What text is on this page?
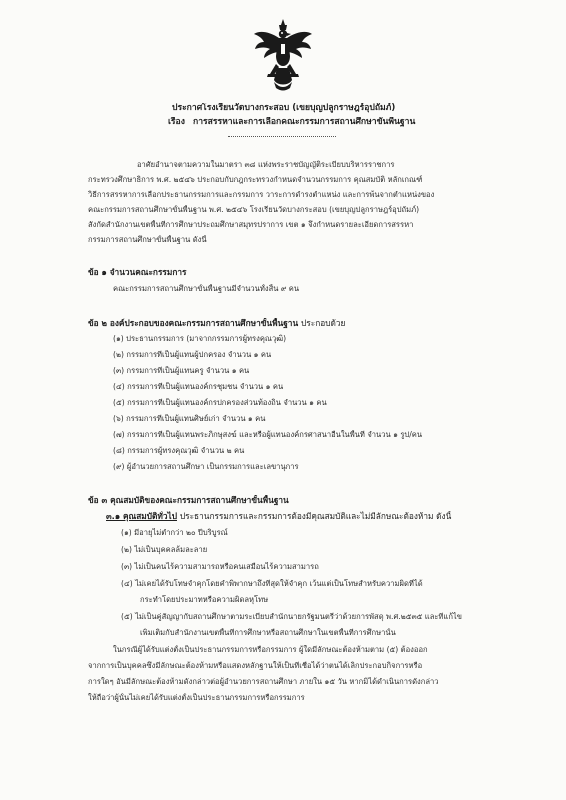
ประกาศโรงเรียนวัดบางกระสอบ (เขยบุญปลูกราษฎร์อุปถัมภ์)
เรื่อง การสรรหาและการเลือกคณะกรรมการสถานศึกษาขั้นพื้นฐาน
อาศัยอำนาจตามความในมาตรา ๓๘ แห่งพระราชบัญญัติระเบียบบริหารราชการ
กระทรวงศึกษาธิการ พ.ศ. ๒๕๔๖ ประกอบกับกฎกระทรวงกำหนดจำนวนกรรมการ คุณสมบัติ หลักเกณฑ์
วิธีการสรรหาการเลือกประธานกรรมการและกรรมการ วาระการดำรงตำแหน่ง และการพ้นจากตำแหน่งของ
คณะกรรมการสถานศึกษาขั้นพื้นฐาน พ.ศ. ๒๕๔๖ โรงเรียนวัดบางกระสอบ (เขยบุญปลูกราษฎร์อุปถัมภ์)
สังกัดสำนักงานเขตพื้นที่การศึกษาประถมศึกษาสมุทรปราการ เขต ๑ จึงกำหนดรายละเอียดการสรรหา
กรรมการสถานศึกษาขั้นพื้นฐาน ดังนี้
ข้อ ๑ จำนวนคณะกรรมการ
คณะกรรมการสถานศึกษาขั้นพื้นฐานมีจำนวนทั้งสิ้น ๙ คน
ข้อ ๒ องค์ประกอบของคณะกรรมการสถานศึกษาขั้นพื้นฐาน ประกอบด้วย
(๑) ประธานกรรมการ (มาจากกรรมการผู้ทรงคุณวุฒิ)
(๒) กรรมการที่เป็นผู้แทนผู้ปกครอง จำนวน ๑ คน
(๓) กรรมการที่เป็นผู้แทนครู จำนวน ๑ คน
(๔) กรรมการที่เป็นผู้แทนองค์กรชุมชน จำนวน ๑ คน
(๕) กรรมการที่เป็นผู้แทนองค์กรปกครองส่วนท้องถิ่น จำนวน ๑ คน
(๖) กรรมการที่เป็นผู้แทนศิษย์เก่า จำนวน ๑ คน
(๗) กรรมการที่เป็นผู้แทนพระภิกษุสงฆ์ และหรือผู้แทนองค์กรศาสนาอื่นในพื้นที่ จำนวน ๑ รูป/คน
(๘) กรรมการผู้ทรงคุณวุฒิ จำนวน ๒ คน
(๙) ผู้อำนวยการสถานศึกษา เป็นกรรมการและเลขานุการ
ข้อ ๓ คุณสมบัติของคณะกรรมการสถานศึกษาขั้นพื้นฐาน
๓.๑ คุณสมบัติทั่วไป ประธานกรรมการและกรรมการต้องมีคุณสมบัติและไม่มีลักษณะต้องห้าม ดังนี้
(๑) มีอายุไม่ต่ำกว่า ๒๐ ปีบริบูรณ์
(๒) ไม่เป็นบุคคลล้มละลาย
(๓) ไม่เป็นคนไร้ความสามารถหรือคนเสมือนไร้ความสามารถ
(๔) ไม่เคยได้รับโทษจำคุกโดยคำพิพากษาถึงที่สุดให้จำคุก เว้นแต่เป็นโทษสำหรับความผิดที่ได้
กระทำโดยประมาทหรือความผิดลหุโทษ
(๕) ไม่เป็นคู่สัญญากับสถานศึกษาตามระเบียบสำนักนายกรัฐมนตรีว่าด้วยการพัสดุ พ.ศ.๒๕๓๕ และที่แก้ไข
เพิ่มเติมกับสำนักงานเขตพื้นที่การศึกษาหรือสถานศึกษาในเขตพื้นที่การศึกษานั้น
ในกรณีผู้ได้รับแต่งตั้งเป็นประธานกรรมการหรือกรรมการ ผู้ใดมีลักษณะต้องห้ามตาม (๕) ต้องออก
จากการเป็นบุคคลซึ่งมีลักษณะต้องห้ามหรือแสดงหลักฐานให้เป็นที่เชื่อได้ว่าตนได้เลิกประกอบกิจการหรือ
การใดๆ อันมีลักษณะต้องห้ามดังกล่าวต่อผู้อำนวยการสถานศึกษา ภายใน ๑๕ วัน หากมิได้ดำเนินการดังกล่าว
ให้ถือว่าผู้นั้นไม่เคยได้รับแต่งตั้งเป็นประธานกรรมการหรือกรรมการ
